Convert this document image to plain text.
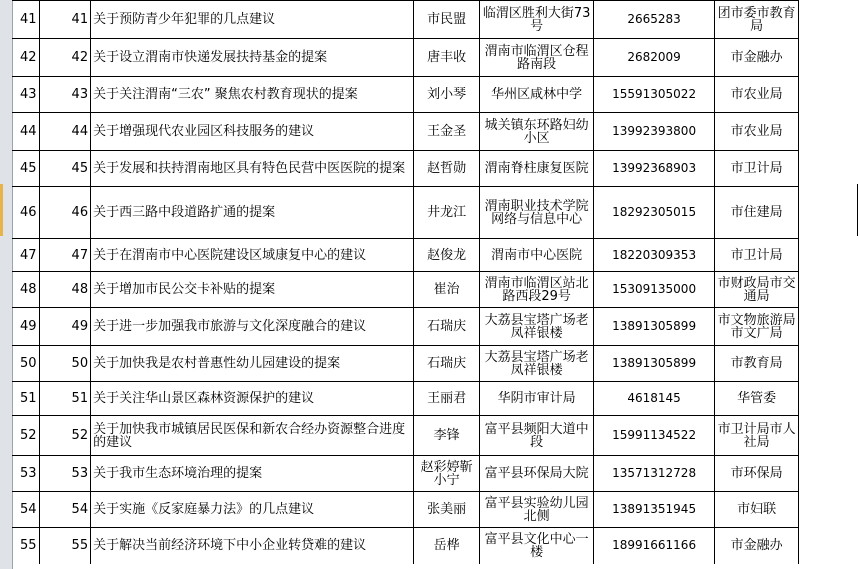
41	41	关于预防青少年犯罪的几点建议	市民盟	临渭区胜利大街73号	2665283	团市委市教育局
42	42	关于设立渭南市快递发展扶持基金的提案	唐丰收	渭南市临渭区仓程路南段	2682009	市金融办
43	43	关于关注渭南“三农” 聚焦农村教育现状的提案	刘小琴	华州区咸林中学	15591305022	市农业局
44	44	关于增强现代农业园区科技服务的建议	王金圣	城关镇东环路妇幼小区	13992393800	市农业局
45	45	关于发展和扶持渭南地区具有特色民营中医医院的提案	赵哲勋	渭南脊柱康复医院	13992368903	市卫计局
46	46	关于西三路中段道路扩通的提案	井龙江	渭南职业技术学院网络与信息中心	18292305015	市住建局
47	47	关于在渭南市中心医院建设区域康复中心的建议	赵俊龙	渭南市中心医院	18220309353	市卫计局
48	48	关于增加市民公交卡补贴的提案	崔治	渭南市临渭区站北路西段29号	15309135000	市财政局市交通局
49	49	关于进一步加强我市旅游与文化深度融合的建议	石瑞庆	大荔县宝塔广场老凤祥银楼	13891305899	市文物旅游局市文广局
50	50	关于加快我是农村普惠性幼儿园建设的提案	石瑞庆	大荔县宝塔广场老凤祥银楼	13891305899	市教育局
51	51	关于关注华山景区森林资源保护的建议	王丽君	华阴市审计局	4618145	华管委
52	52	关于加快我市城镇居民医保和新农合经办资源整合进度的建议	李锋	富平县频阳大道中段	15991134522	市卫计局市人社局
53	53	关于我市生态环境治理的提案	赵彩婷靳小宁	富平县环保局大院	13571312728	市环保局
54	54	关于实施《反家庭暴力法》的几点建议	张美丽	富平县实验幼儿园北侧	13891351945	市妇联
55	55	关于解决当前经济环境下中小企业转贷难的建议	岳桦	富平县文化中心一楼	18991661166	市金融办
